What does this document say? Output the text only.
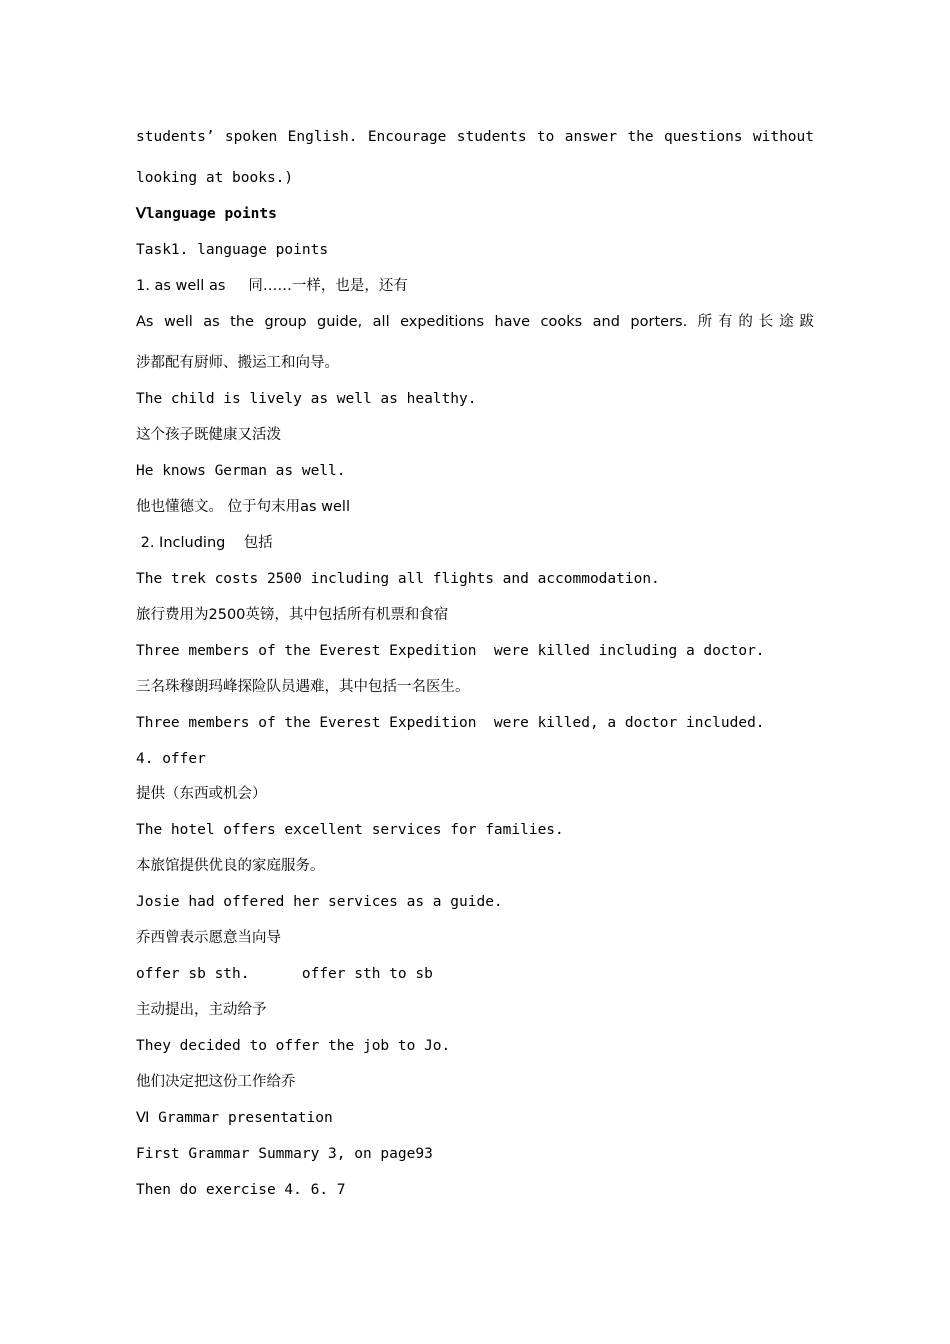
students’ spoken English. Encourage students to answer the questions without
looking at books.)
Ⅴlanguage points
Task1. language points
1. as well as     同……一样，也是，还有
As well as the group guide, all expeditions have cooks and porters. 所有的长途跋
涉都配有厨师、搬运工和向导。
The child is lively as well as healthy.
这个孩子既健康又活泼
He knows German as well.
他也懂德文。 位于句末用as well
2. Including    包括
The trek costs 2500 including all flights and accommodation.
旅行费用为2500英镑，其中包括所有机票和食宿
Three members of the Everest Expedition  were killed including a doctor.
三名珠穆朗玛峰探险队员遇难，其中包括一名医生。
Three members of the Everest Expedition  were killed, a doctor included.
4. offer
提供（东西或机会）
The hotel offers excellent services for families.
本旅馆提供优良的家庭服务。
Josie had offered her services as a guide.
乔西曾表示愿意当向导
offer sb sth.      offer sth to sb
主动提出，主动给予
They decided to offer the job to Jo.
他们决定把这份工作给乔
Ⅵ Grammar presentation
First Grammar Summary 3, on page93
Then do exercise 4. 6. 7
